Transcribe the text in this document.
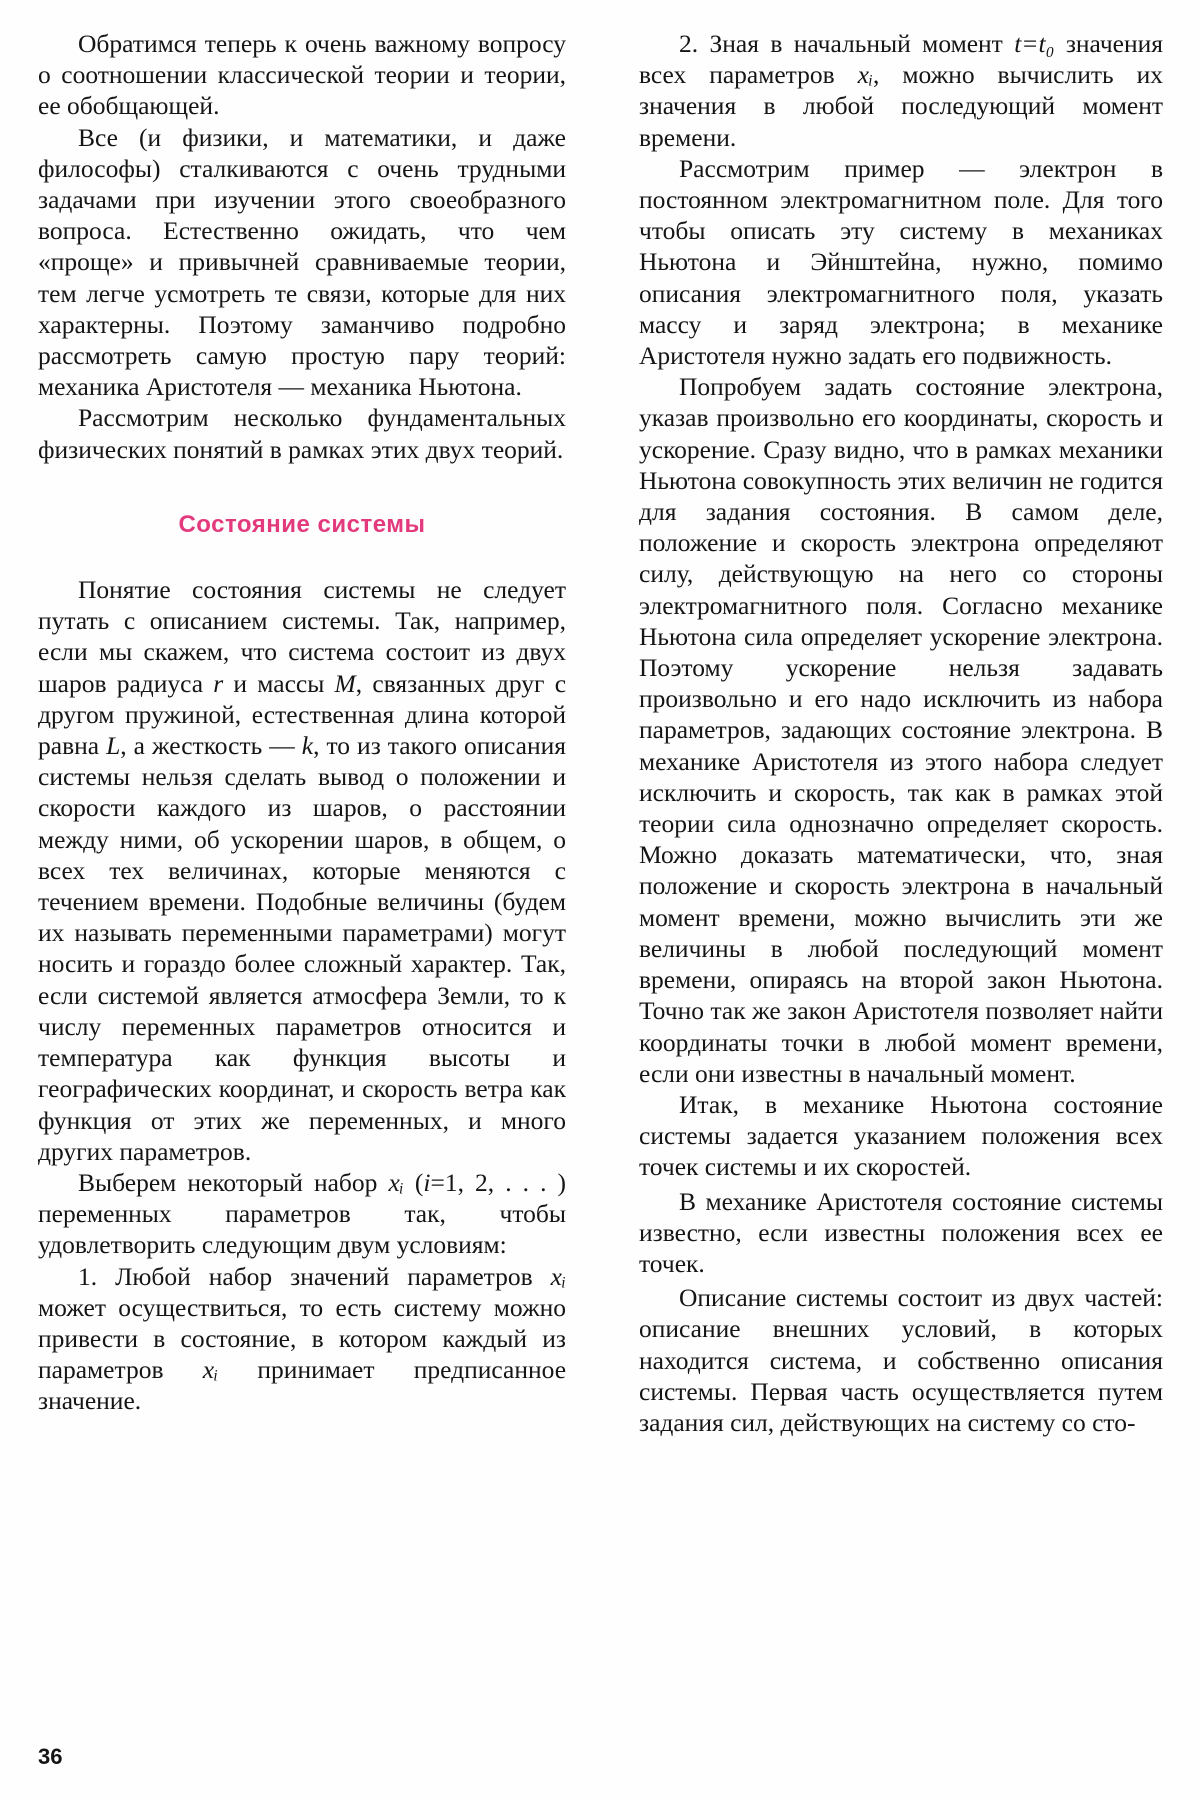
Обратимся теперь к очень важному вопросу о соотношении классической теории и теории, ее обобщающей.

Все (и физики, и математики, и даже философы) сталкиваются с очень трудными задачами при изучении этого своеобразного вопроса. Естественно ожидать, что чем «проще» и привычней сравниваемые теории, тем легче усмотреть те связи, которые для них характерны. Поэтому заманчиво подробно рассмотреть самую простую пару теорий: механика Аристотеля — механика Ньютона.

Рассмотрим несколько фундаментальных физических понятий в рамках этих двух теорий.

Состояние системы

Понятие состояния системы не следует путать с описанием системы. Так, например, если мы скажем, что система состоит из двух шаров радиуса r и массы M, связанных друг с другом пружиной, естественная длина которой равна L, а жесткость — k, то из такого описания системы нельзя сделать вывод о положении и скорости каждого из шаров, о расстоянии между ними, об ускорении шаров, в общем, о всех тех величинах, которые меняются с течением времени. Подобные величины (будем их называть переменными параметрами) могут носить и гораздо более сложный характер. Так, если системой является атмосфера Земли, то к числу переменных параметров относится и температура как функция высоты и географических координат, и скорость ветра как функция от этих же переменных, и много других параметров.

Выберем некоторый набор xᵢ (i=1, 2, . . . ) переменных параметров так, чтобы удовлетворить следующим двум условиям:

1. Любой набор значений параметров xᵢ может осуществиться, то есть систему можно привести в состояние, в котором каждый из параметров xᵢ принимает предписанное значение.

2. Зная в начальный момент t=t₀ значения всех параметров xᵢ, можно вычислить их значения в любой последующий момент времени.

Рассмотрим пример — электрон в постоянном электромагнитном поле. Для того чтобы описать эту систему в механиках Ньютона и Эйнштейна, нужно, помимо описания электромагнитного поля, указать массу и заряд электрона; в механике Аристотеля нужно задать его подвижность.

Попробуем задать состояние электрона, указав произвольно его координаты, скорость и ускорение. Сразу видно, что в рамках механики Ньютона совокупность этих величин не годится для задания состояния. В самом деле, положение и скорость электрона определяют силу, действующую на него со стороны электромагнитного поля. Согласно механике Ньютона сила определяет ускорение электрона. Поэтому ускорение нельзя задавать произвольно и его надо исключить из набора параметров, задающих состояние электрона. В механике Аристотеля из этого набора следует исключить и скорость, так как в рамках этой теории сила однозначно определяет скорость. Можно доказать математически, что, зная положение и скорость электрона в начальный момент времени, можно вычислить эти же величины в любой последующий момент времени, опираясь на второй закон Ньютона. Точно так же закон Аристотеля позволяет найти координаты точки в любой момент времени, если они известны в начальный момент.

Итак, в механике Ньютона состояние системы задается указанием положения всех точек системы и их скоростей.

В механике Аристотеля состояние системы известно, если известны положения всех ее точек.

Описание системы состоит из двух частей: описание внешних условий, в которых находится система, и собственно описания системы. Первая часть осуществляется путем задания сил, действующих на систему со сто-

36
